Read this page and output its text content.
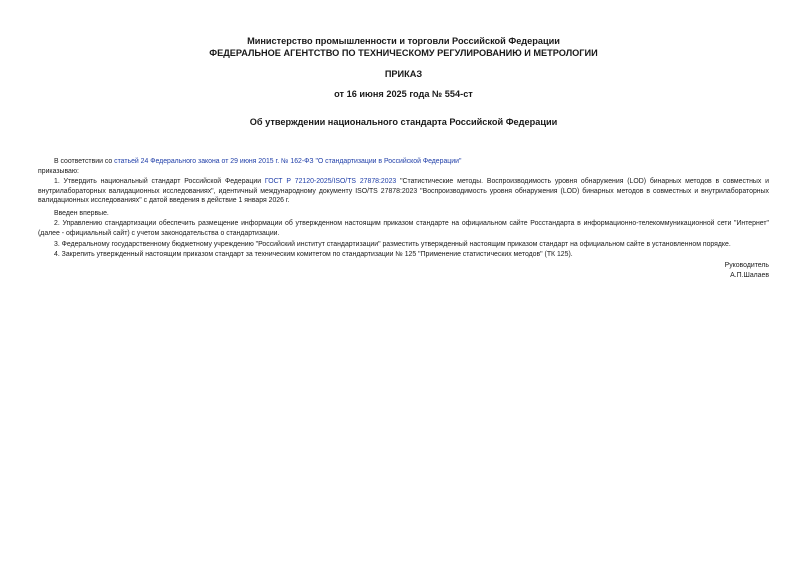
Министерство промышленности и торговли Российской Федерации
ФЕДЕРАЛЬНОЕ АГЕНТСТВО ПО ТЕХНИЧЕСКОМУ РЕГУЛИРОВАНИЮ И МЕТРОЛОГИИ
ПРИКАЗ
от 16 июня 2025 года № 554-ст
Об утверждении национального стандарта Российской Федерации
В соответствии со статьей 24 Федерального закона от 29 июня 2015 г. № 162-ФЗ "О стандартизации в Российской Федерации"
приказываю:
1. Утвердить национальный стандарт Российской Федерации ГОСТ Р 72120-2025/ISO/TS 27878:2023 "Статистические методы. Воспроизводимость уровня обнаружения (LOD) бинарных методов в совместных и внутрилабораторных валидационных исследованиях", идентичный международному документу ISO/TS 27878:2023 "Воспроизводимость уровня обнаружения (LOD) бинарных методов в совместных и внутрилабораторных валидационных исследованиях" с датой введения в действие 1 января 2026 г.
Введен впервые.
2. Управлению стандартизации обеспечить размещение информации об утвержденном настоящим приказом стандарте на официальном сайте Росстандарта в информационно-телекоммуникационной сети "Интернет" (далее - официальный сайт) с учетом законодательства о стандартизации.
3. Федеральному государственному бюджетному учреждению "Российский институт стандартизации" разместить утвержденный настоящим приказом стандарт на официальном сайте в установленном порядке.
4. Закрепить утвержденный настоящим приказом стандарт за техническим комитетом по стандартизации № 125 "Применение статистических методов" (ТК 125).
Руководитель
А.П.Шалаев
